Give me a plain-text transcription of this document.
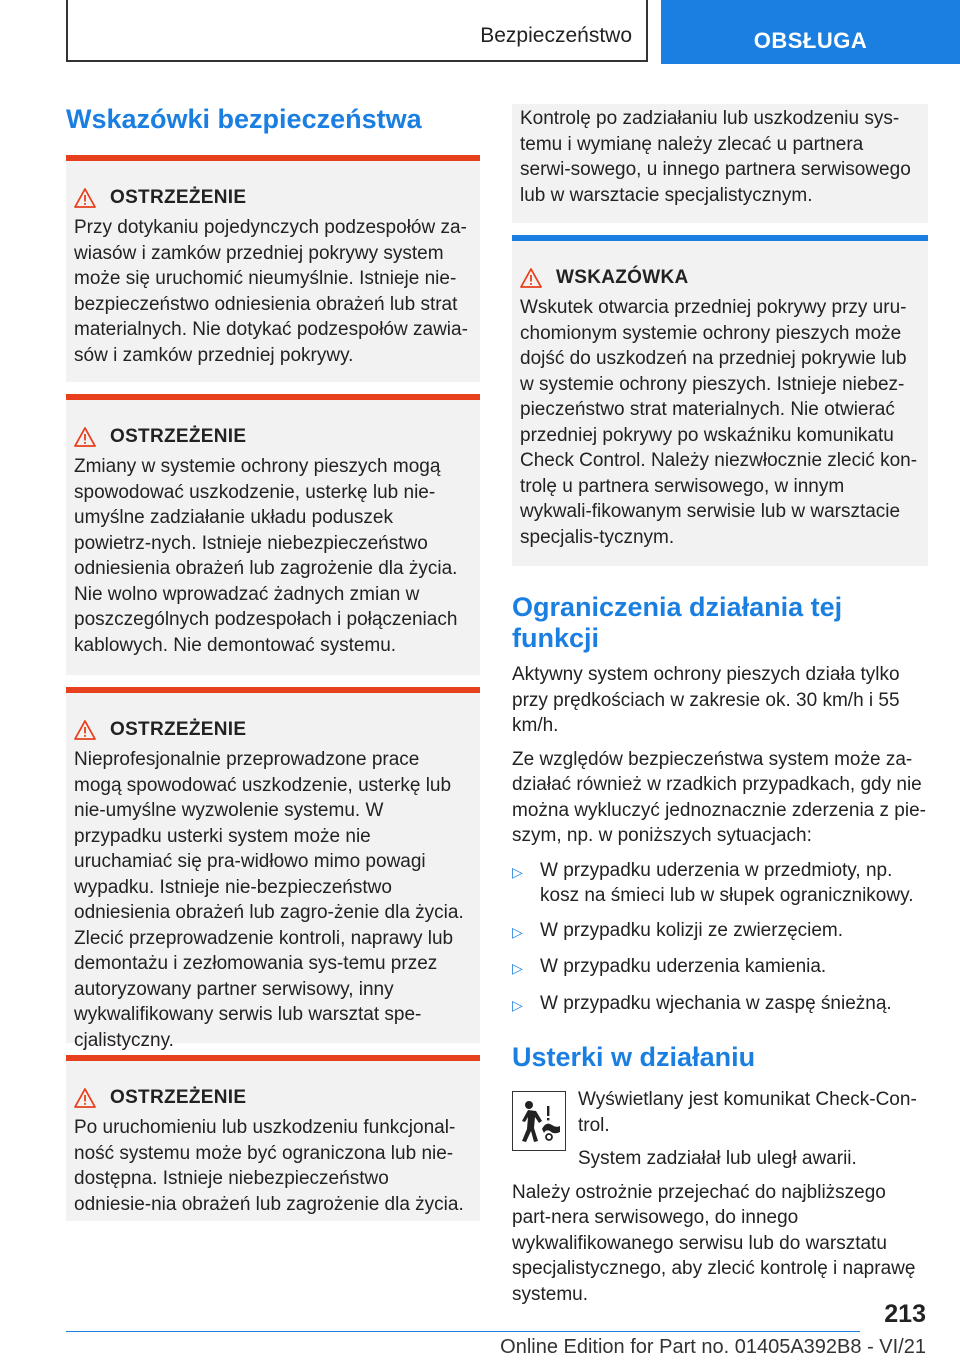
Bezpieczeństwo	OBSŁUGA
Wskazówki bezpieczeństwa
OSTRZEŻENIE

Przy dotykaniu pojedynczych podzespołów za-wiasów i zamków przedniej pokrywy system może się uruchomić nieumyślnie. Istnieje nie-bezpieczeństwo odniesienia obrażeń lub strat materialnych. Nie dotykać podzespołów zawia-sów i zamków przedniej pokrywy.

OSTRZEŻENIE

Zmiany w systemie ochrony pieszych mogą spowodować uszkodzenie, usterkę lub nie-umyślne zadziałanie układu poduszek powietrz-nych. Istnieje niebezpieczeństwo odniesienia obrażeń lub zagrożenie dla życia. Nie wolno wprowadzać żadnych zmian w poszczególnych podzespołach i połączeniach kablowych. Nie demontować systemu.

OSTRZEŻENIE

Nieprofesjonalnie przeprowadzone prace mogą spowodować uszkodzenie, usterkę lub nie-umyślne wyzwolenie systemu. W przypadku usterki system może nie uruchamiać się pra-widłowo mimo powagi wypadku. Istnieje nie-bezpieczeństwo odniesienia obrażeń lub zagro-żenie dla życia. Zlecić przeprowadzenie kontroli, naprawy lub demontażu i zezłomowania sys-temu przez autoryzowany partner serwisowy, inny wykwalifikowany serwis lub warsztat spe-cjalistyczny.

OSTRZEŻENIE

Po uruchomieniu lub uszkodzeniu funkcjonal-ność systemu może być ograniczona lub nie-dostępna. Istnieje niebezpieczeństwo odniesie-nia obrażeń lub zagrożenie dla życia.

Kontrolę po zadziałaniu lub uszkodzeniu sys-temu i wymianę należy zlecać u partnera serwi-sowego, u innego partnera serwisowego lub w warsztacie specjalistycznym.

WSKAZÓWKA

Wskutek otwarcia przedniej pokrywy przy uru-chomionym systemie ochrony pieszych może dojść do uszkodzeń na przedniej pokrywie lub w systemie ochrony pieszych. Istnieje niebez-pieczeństwo strat materialnych. Nie otwierać przedniej pokrywy po wskaźniku komunikatu Check Control. Należy niezwłocznie zlecić kon-trolę u partnera serwisowego, w innym wykwali-fikowanym serwisie lub w warsztacie specjalis-tycznym.

Ograniczenia działania tej funkcji

Aktywny system ochrony pieszych działa tylko przy prędkościach w zakresie ok. 30 km/h i 55 km/h.

Ze względów bezpieczeństwa system może za-działać również w rzadkich przypadkach, gdy nie można wykluczyć jednoznacznie zderzenia z pie-szym, np. w poniższych sytuacjach:

▷ W przypadku uderzenia w przedmioty, np. kosz na śmieci lub w słupek ogranicznikowy.
▷ W przypadku kolizji ze zwierzęciem.
▷ W przypadku uderzenia kamienia.
▷ W przypadku wjechania w zaspę śnieżną.
Usterki w działaniu

Wyświetlany jest komunikat Check-Con-trol.

System zadziałał lub uległ awarii.

Należy ostrożnie przejechać do najbliższego part-nera serwisowego, do innego wykwalifikowanego serwisu lub do warsztatu specjalistycznego, aby zlecić kontrolę i naprawę systemu.

213
Online Edition for Part no. 01405A392B8 - VI/21
